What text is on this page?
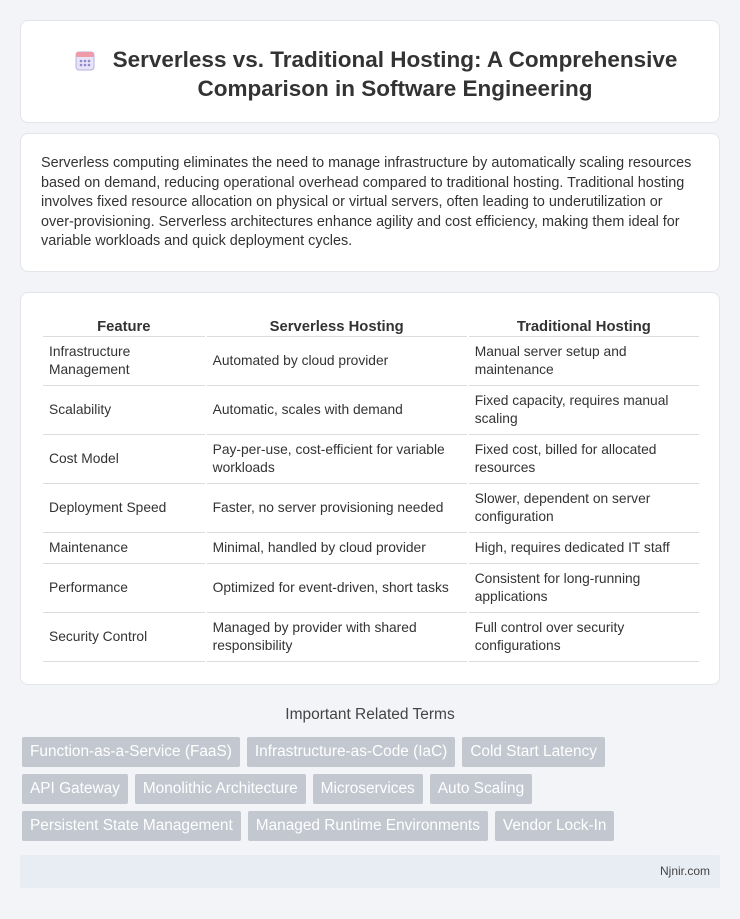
Serverless vs. Traditional Hosting: A Comprehensive
Comparison in Software Engineering

Serverless computing eliminates the need to manage infrastructure by automatically scaling resources based on demand, reducing operational overhead compared to traditional hosting. Traditional hosting involves fixed resource allocation on physical or virtual servers, often leading to underutilization or over-provisioning. Serverless architectures enhance agility and cost efficiency, making them ideal for variable workloads and quick deployment cycles.

Feature	Serverless Hosting	Traditional Hosting
Infrastructure Management	Automated by cloud provider	Manual server setup and maintenance
Scalability	Automatic, scales with demand	Fixed capacity, requires manual scaling
Cost Model	Pay-per-use, cost-efficient for variable workloads	Fixed cost, billed for allocated resources
Deployment Speed	Faster, no server provisioning needed	Slower, dependent on server configuration
Maintenance	Minimal, handled by cloud provider	High, requires dedicated IT staff
Performance	Optimized for event-driven, short tasks	Consistent for long-running applications
Security Control	Managed by provider with shared responsibility	Full control over security configurations
Important Related Terms
Function-as-a-Service (FaaS)	Infrastructure-as-Code (IaC)	Cold Start Latency
API Gateway	Monolithic Architecture	Microservices	Auto Scaling
Persistent State Management	Managed Runtime Environments	Vendor Lock-In
Njnir.com
